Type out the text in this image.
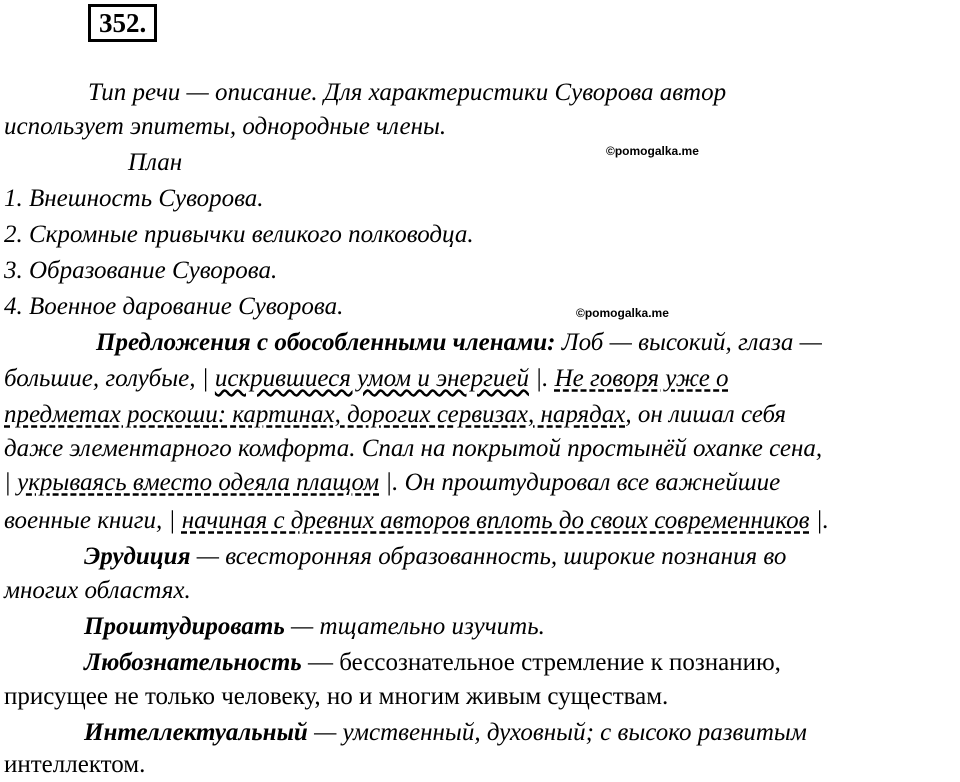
352.
Тип речи — описание. Для характеристики Суворова автор
использует эпитеты, однородные члены.
©pomogalka.me
План
1. Внешность Суворова.
2. Скромные привычки великого полководца.
3. Образование Суворова.
4. Военное дарование Суворова.	©pomogalka.me
Предложения с обособленными членами: Лоб — высокий, глаза —
большие, голубые, | искрившиеся умом и энергией |. Не говоря уже о
предметах роскоши: картинах, дорогих сервизах, нарядах, он лишал себя
даже элементарного комфорта. Спал на покрытой простынёй охапке сена,
| укрываясь вместо одеяла плащом |. Он проштудировал все важнейшие
военные книги, | начиная с древних авторов вплоть до своих современников |.
Эрудиция — всесторонняя образованность, широкие познания во
многих областях.
Проштудировать — тщательно изучить.
Любознательность — бессознательное стремление к познанию,
присущее не только человеку, но и многим живым существам.
Интеллектуальный — умственный, духовный; с высоко развитым
интеллектом.
